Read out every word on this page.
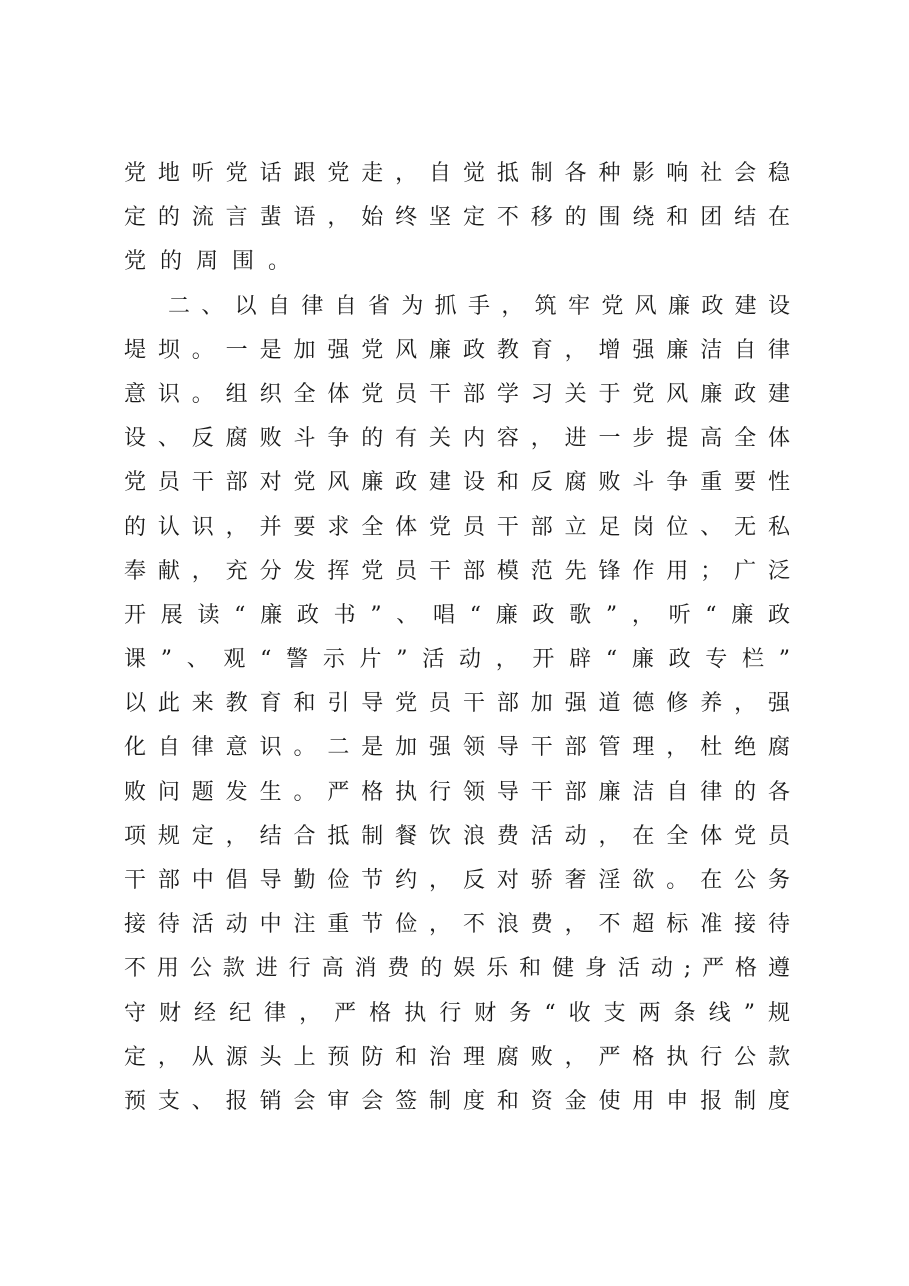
党地听党话跟党走，自觉抵制各种影响社会稳
定的流言蜚语，始终坚定不移的围绕和团结在
党的周围。
二、以自律自省为抓手，筑牢党风廉政建设
堤坝。一是加强党风廉政教育，增强廉洁自律
意识。组织全体党员干部学习关于党风廉政建
设、反腐败斗争的有关内容，进一步提高全体
党员干部对党风廉政建设和反腐败斗争重要性
的认识，并要求全体党员干部立足岗位、无私
奉献，充分发挥党员干部模范先锋作用；广泛
开展读“廉政书”、唱“廉政歌”，听“廉政
课”、观“警示片”活动，开辟“廉政专栏”
以此来教育和引导党员干部加强道德修养，强
化自律意识。二是加强领导干部管理，杜绝腐
败问题发生。严格执行领导干部廉洁自律的各
项规定，结合抵制餐饮浪费活动，在全体党员
干部中倡导勤俭节约，反对骄奢淫欲。在公务
接待活动中注重节俭，不浪费，不超标准接待
不用公款进行高消费的娱乐和健身活动;严格遵
守财经纪律，严格执行财务“收支两条线”规
定，从源头上预防和治理腐败，严格执行公款
预支、报销会审会签制度和资金使用申报制度
